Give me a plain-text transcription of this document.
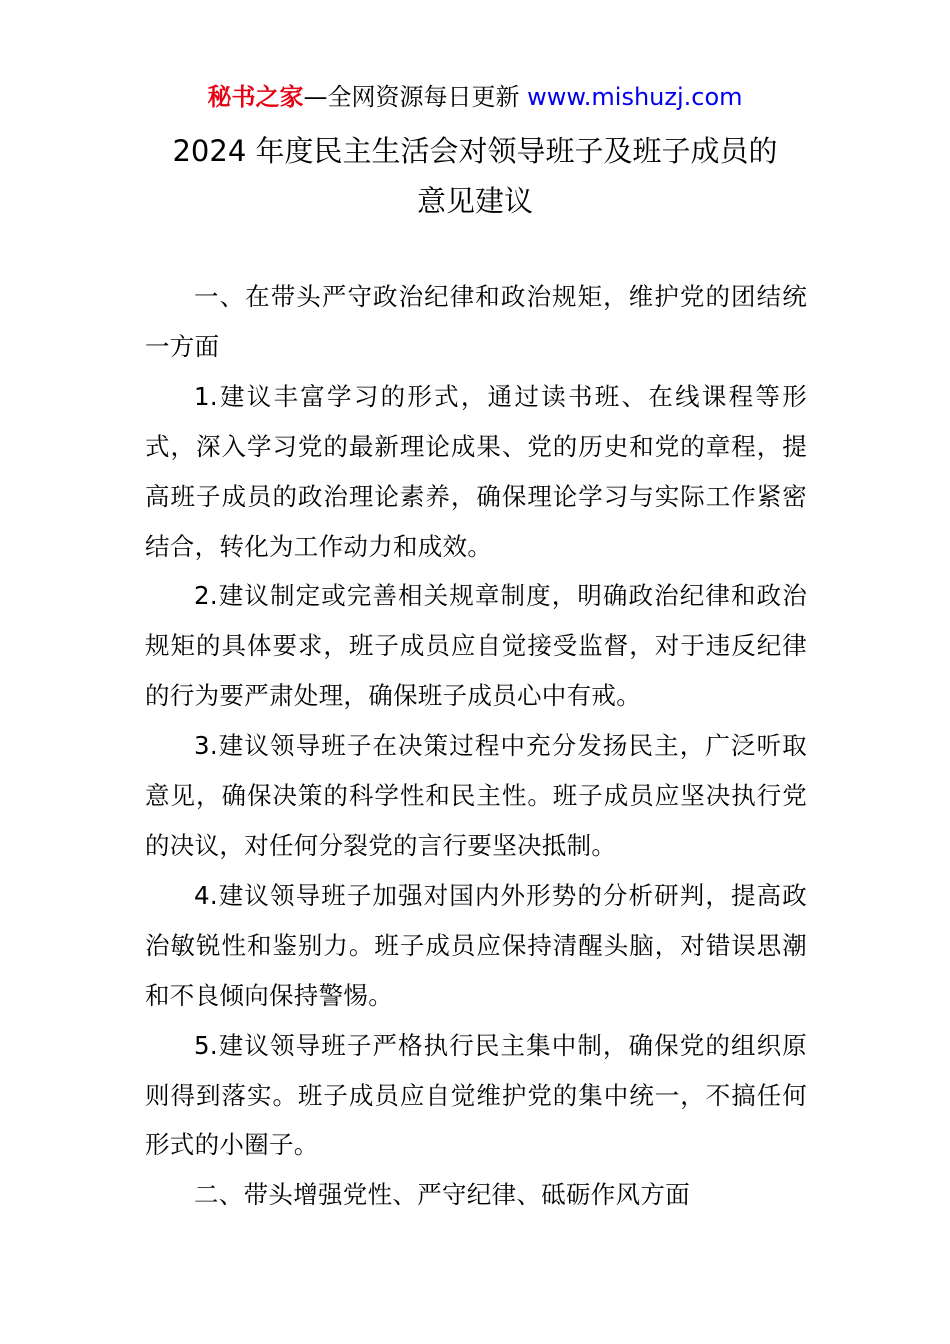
秘书之家—全网资源每日更新 www.mishuzj.com
2024 年度民主生活会对领导班子及班子成员的
意见建议

一、在带头严守政治纪律和政治规矩，维护党的团结统一方面

1.建议丰富学习的形式，通过读书班、在线课程等形式，深入学习党的最新理论成果、党的历史和党的章程，提高班子成员的政治理论素养，确保理论学习与实际工作紧密结合，转化为工作动力和成效。

2.建议制定或完善相关规章制度，明确政治纪律和政治规矩的具体要求，班子成员应自觉接受监督，对于违反纪律的行为要严肃处理，确保班子成员心中有戒。

3.建议领导班子在决策过程中充分发扬民主，广泛听取意见，确保决策的科学性和民主性。班子成员应坚决执行党的决议，对任何分裂党的言行要坚决抵制。

4.建议领导班子加强对国内外形势的分析研判，提高政治敏锐性和鉴别力。班子成员应保持清醒头脑，对错误思潮和不良倾向保持警惕。

5.建议领导班子严格执行民主集中制，确保党的组织原则得到落实。班子成员应自觉维护党的集中统一，不搞任何形式的小圈子。

二、带头增强党性、严守纪律、砥砺作风方面
